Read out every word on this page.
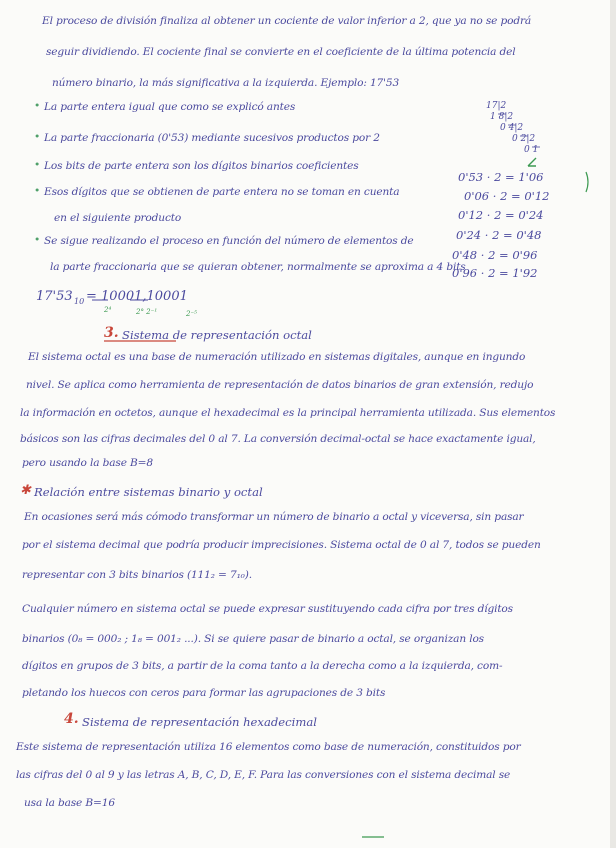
El proceso de división finaliza al obtener un cociente de valor inferior a 2, que ya no se podrá
seguir dividiendo. El cociente final se convierte en el coeficiente de la última potencia del
número binario, la más significativa a la izquierda. Ejemplo: 17'53
• La parte entera igual que como se explicó antes
• La parte fraccionaria (0'53) mediante sucesivos productos por 2
• Los bits de parte entera son los dígitos binarios coeficientes
• Esos dígitos que se obtienen de parte entera no se toman en cuenta
en el siguiente producto
• Se sigue realizando el proceso en función del número de elementos de
la parte fraccionaria que se quieran obtener, normalmente se aproxima a 4 bits
17|2
1 8|2
0 4|2
0 2|2
0 1
0'53 · 2 = 1'06
0'06 · 2 = 0'12
0'12 · 2 = 0'24
0'24 · 2 = 0'48
0'48 · 2 = 0'96
0'96 · 2 = 1'92
17'53 10 = 10001,10001
2⁴	2° 2⁻¹	2⁻⁵
3. Sistema de representación octal
El sistema octal es una base de numeración utilizado en sistemas digitales, aunque en ingundo
nivel. Se aplica como herramienta de representación de datos binarios de gran extensión, redujo
la información en octetos, aunque el hexadecimal es la principal herramienta utilizada. Sus elementos
básicos son las cifras decimales del 0 al 7. La conversión decimal-octal se hace exactamente igual,
pero usando la base B=8
✱ Relación entre sistemas binario y octal
En ocasiones será más cómodo transformar un número de binario a octal y viceversa, sin pasar
por el sistema decimal que podría producir imprecisiones. Sistema octal de 0 al 7, todos se pueden
representar con 3 bits binarios (111₂ = 7₁₀).
Cualquier número en sistema octal se puede expresar sustituyendo cada cifra por tres dígitos
binarios (0₈ = 000₂ ; 1₈ = 001₂ ...). Si se quiere pasar de binario a octal, se organizan los
dígitos en grupos de 3 bits, a partir de la coma tanto a la derecha como a la izquierda, com-
pletando los huecos con ceros para formar las agrupaciones de 3 bits
4. Sistema de representación hexadecimal
Este sistema de representación utiliza 16 elementos como base de numeración, constituidos por
las cifras del 0 al 9 y las letras A, B, C, D, E, F. Para las conversiones con el sistema decimal se
usa la base B=16
